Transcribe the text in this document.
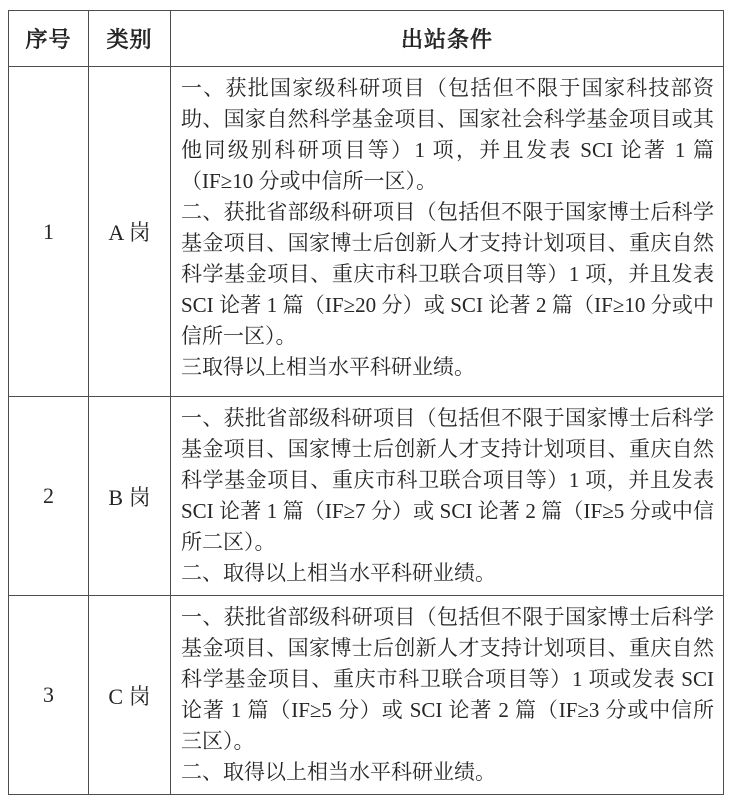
序号	类别	出站条件
1	A 岗	一、获批国家级科研项目（包括但不限于国家科技部资助、国家自然科学基金项目、国家社会科学基金项目或其他同级别科研项目等）1 项，并且发表 SCI 论著 1 篇（IF≥10 分或中信所一区）。

二、获批省部级科研项目（包括但不限于国家博士后科学基金项目、国家博士后创新人才支持计划项目、重庆自然科学基金项目、重庆市科卫联合项目等）1 项，并且发表 SCI 论著 1 篇（IF≥20 分）或 SCI 论著 2 篇（IF≥10 分或中信所一区）。

三取得以上相当水平科研业绩。

2	B 岗	一、获批省部级科研项目（包括但不限于国家博士后科学基金项目、国家博士后创新人才支持计划项目、重庆自然科学基金项目、重庆市科卫联合项目等）1 项，并且发表 SCI 论著 1 篇（IF≥7 分）或 SCI 论著 2 篇（IF≥5 分或中信所二区）。

二、取得以上相当水平科研业绩。

3	C 岗	一、获批省部级科研项目（包括但不限于国家博士后科学基金项目、国家博士后创新人才支持计划项目、重庆自然科学基金项目、重庆市科卫联合项目等）1 项或发表 SCI 论著 1 篇（IF≥5 分）或 SCI 论著 2 篇（IF≥3 分或中信所三区）。

二、取得以上相当水平科研业绩。
